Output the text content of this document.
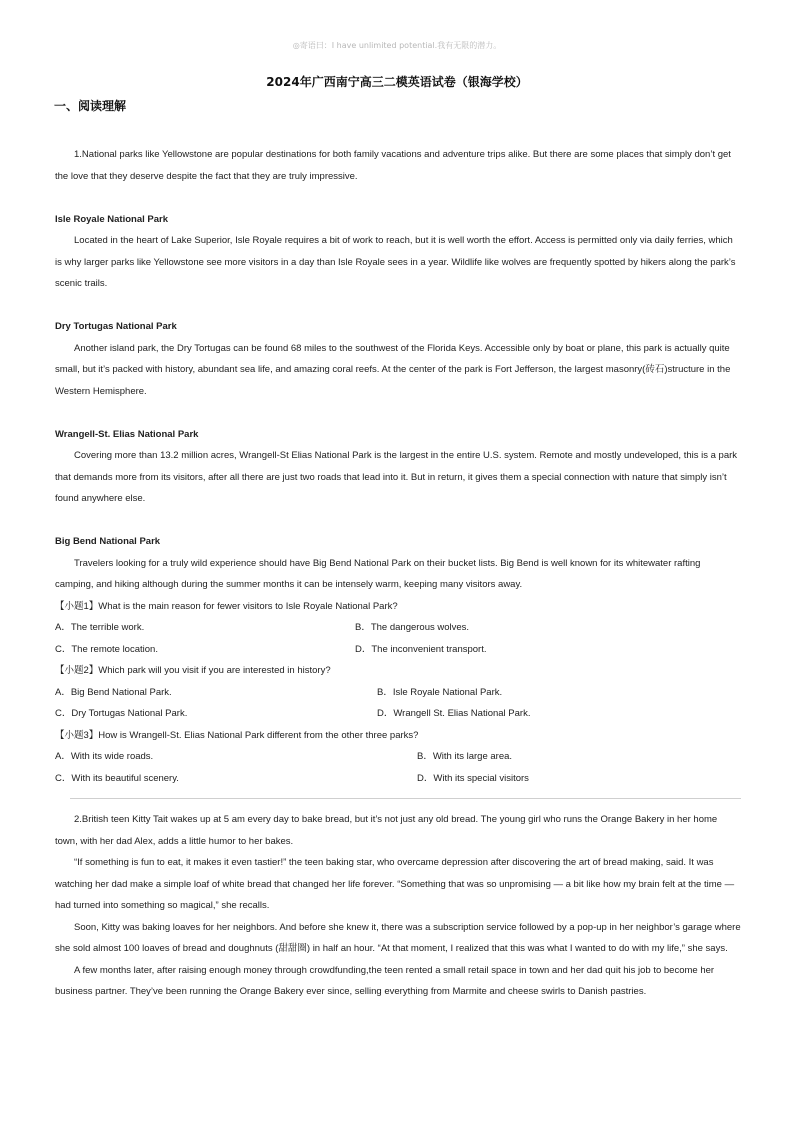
◎寄语曰：I have unlimited potential.我有无限的潜力。
2024年广西南宁高三二模英语试卷（银海学校）
一、阅读理解

1.National parks like Yellowstone are popular destinations for both family vacations and adventure trips alike. But there are some places that simply don’t get the love that they deserve despite the fact that they are truly impressive.

Isle Royale National Park

Located in the heart of Lake Superior, Isle Royale requires a bit of work to reach, but it is well worth the effort. Access is permitted only via daily ferries, which is why larger parks like Yellowstone see more visitors in a day than Isle Royale sees in a year. Wildlife like wolves are frequently spotted by hikers along the park’s scenic trails.

Dry Tortugas National Park

Another island park, the Dry Tortugas can be found 68 miles to the southwest of the Florida Keys. Accessible only by boat or plane, this park is actually quite small, but it’s packed with history, abundant sea life, and amazing coral reefs. At the center of the park is Fort Jefferson, the largest masonry(砖石)structure in the Western Hemisphere.

Wrangell-St. Elias National Park

Covering more than 13.2 million acres, Wrangell-St Elias National Park is the largest in the entire U.S. system. Remote and mostly undeveloped, this is a park that demands more from its visitors, after all there are just two roads that lead into it. But in return, it gives them a special connection with nature that simply isn’t found anywhere else.

Big Bend National Park

Travelers looking for a truly wild experience should have Big Bend National Park on their bucket lists. Big Bend is well known for its whitewater rafting camping, and hiking although during the summer months it can be intensely warm, keeping many visitors away.

【小题1】What is the main reason for fewer visitors to Isle Royale National Park?

A．The terrible work.	B．The dangerous wolves.
C．The remote location.	D．The inconvenient transport.

【小题2】Which park will you visit if you are interested in history?

A．Big Bend National Park.	B．Isle Royale National Park.
C．Dry Tortugas National Park.	D．Wrangell St. Elias National Park.

【小题3】How is Wrangell-St. Elias National Park different from the other three parks?

A．With its wide roads.	B．With its large area.
C．With its beautiful scenery.	D．With its special visitors

2.British teen Kitty Tait wakes up at 5 am every day to bake bread, but it’s not just any old bread. The young girl who runs the Orange Bakery in her home town, with her dad Alex, adds a little humor to her bakes.

“If something is fun to eat, it makes it even tastier!” the teen baking star, who overcame depression after discovering the art of bread making, said. It was watching her dad make a simple loaf of white bread that changed her life forever. “Something that was so unpromising — a bit like how my brain felt at the time — had turned into something so magical,” she recalls.

Soon, Kitty was baking loaves for her neighbors. And before she knew it, there was a subscription service followed by a pop-up in her neighbor’s garage where she sold almost 100 loaves of bread and doughnuts (甜甜圈) in half an hour. “At that moment, I realized that this was what I wanted to do with my life,” she says.

A few months later, after raising enough money through crowdfunding,the teen rented a small retail space in town and her dad quit his job to become her business partner. They’ve been running the Orange Bakery ever since, selling everything from Marmite and cheese swirls to Danish pastries.
